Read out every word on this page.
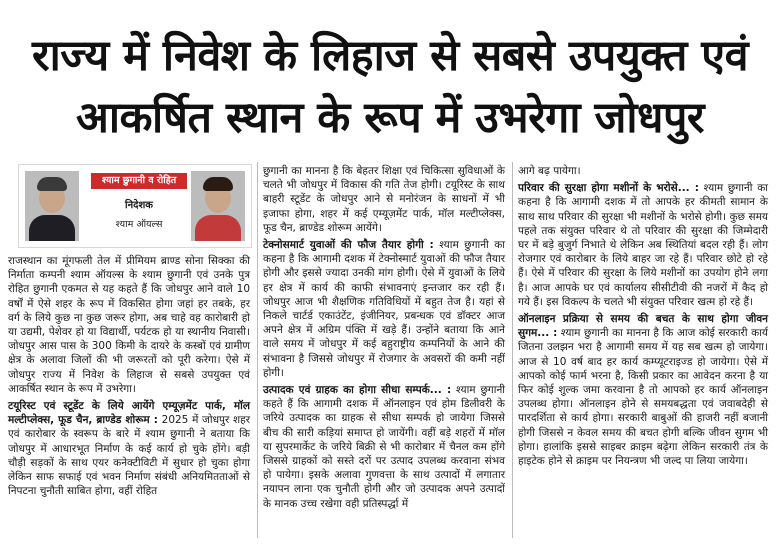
राज्य में निवेश के लिहाज से सबसे उपयुक्त एवं
आकर्षित स्थान के रूप में उभरेगा जोधपुर
श्याम छुगानी व रोहित छुगानी
निदेशक
श्याम ऑयल्स

राजस्थान का मूंगफली तेल में प्रीमियम ब्राण्ड सोना सिक्का की निर्माता कम्पनी श्याम ऑयल्स के श्याम छुगानी एवं उनके पुत्र रोहित छुगानी एकमत से यह कहते हैं कि जोधपुर आने वाले 10 वर्षों में ऐसे शहर के रूप में विकसित होगा जहां हर तबके, हर वर्ग के लिये कुछ ना कुछ जरूर होगा, अब चाहे वह कारोबारी हो या उद्यमी, पेशेवर हो या विद्यार्थी, पर्यटक हो या स्थानीय निवासी। जोधपुर आस पास के 300 किमी के दायरे के कस्बों एवं ग्रामीण क्षेत्र के अलावा जिलों की भी जरूरतों को पूरी करेगा। ऐसे में जोधपुर राज्य में निवेश के लिहाज से सबसे उपयुक्त एवं आकर्षित स्थान के रूप में उभरेगा।

टयूरिस्ट एवं स्टूडेंट के लिये आयेंगे एम्यूज़मेंट पार्क, मॉल मल्टीप्लेक्स, फूड चैन, ब्राण्डेड शोरूम : 2025 में जोधपुर शहर एवं कारोबार के स्वरूप के बारे में श्याम छुगानी ने बताया कि जोधपुर में आधारभूत निर्माण के कई कार्य हो चुके होंगे। बड़ी चौड़ी सड़कों के साथ एयर कनेक्टीविटी में सुधार हो चुका होगा लेकिन साफ सफाई एवं भवन निर्माण संबंधी अनियमितताओं से निपटना चुनौती साबित होगा, वहीं रोहित

छुगानी का मानना है कि बेहतर शिक्षा एवं चिकित्सा सुविधाओं के चलते भी जोधपुर में विकास की गति तेज होगी। टयूरिस्ट के साथ बाहरी स्टूडेंट के जोधपुर आने से मनोरंजन के साधनों में भी इजाफा होगा, शहर में कई एम्यूज़मेंट पार्क, मॉल मल्टीप्लेक्स, फूड चैन, ब्राण्डेड शोरूम आयेंगे।

टेक्नोसमार्ट युवाओं की फौज तैयार होगी : श्याम छुगानी का कहना है कि आगामी दशक में टेक्नोस्मार्ट युवाओं की फौज तैयार होगी और इससे ज्यादा उनकी मांग होगी। ऐसे में युवाओं के लिये हर क्षेत्र में कार्य की काफी संभावनाएं इन्तजार कर रही हैं। जोधपुर आज भी शैक्षणिक गतिविधियों में बहुत तेज है। यहां से निकले चार्टर्ड एकाउंटेंट, इंजीनियर, प्रबन्धक एवं डॉक्टर आज अपने क्षेत्र में अग्रिम पंक्ति में खड़े हैं। उन्होंने बताया कि आने वाले समय में जोधपुर में कई बहुराष्ट्रीय कम्पनियों के आने की संभावना है जिससे जोधपुर में रोजगार के अवसरों की कमी नहीं होगी।

उत्पादक एवं ग्राहक का होगा सीधा सम्पर्क... : श्याम छुगानी कहते हैं कि आगामी दशक में ऑनलाइन एवं होम डिलीवरी के जरिये उत्पादक का ग्राहक से सीधा सम्पर्क हो जायेगा जिससे बीच की सारी कड़ियां समाप्त हो जायेंगी। वहीं बड़े शहरों में मॉल या सुपरमार्केट के जरिये बिक्री से भी कारोबार में चैनल कम होंगे जिससे ग्राहकों को सस्ते दरों पर उत्पाद उपलब्ध करवाना संभव हो पायेगा। इसके अलावा गुणवत्ता के साथ उत्पादों में लगातार नयापन लाना एक चुनौती होगी और जो उत्पादक अपने उत्पादों के मानक उच्च रखेगा वही प्रतिस्पर्द्धा में

आगे बढ़ पायेगा।

परिवार की सुरक्षा होगा मशीनों के भरोसे... : श्याम छुगानी का कहना है कि आगामी दशक में तो आपके हर कीमती सामान के साथ साथ परिवार की सुरक्षा भी मशीनों के भरोसे होगी। कुछ समय पहले तक संयुक्त परिवार थे तो परिवार की सुरक्षा की जिम्मेदारी घर में बड़े बुजुर्ग निभाते थे लेकिन अब स्थितियां बदल रही हैं। लोग रोजगार एवं कारोबार के लिये बाहर जा रहे हैं। परिवार छोटे हो रहे हैं। ऐसे में परिवार की सुरक्षा के लिये मशीनों का उपयोग होने लगा है। आज आपके घर एवं कार्यालय सीसीटीवी की नजरों में कैद हो गये हैं। इस विकल्प के चलते भी संयुक्त परिवार खत्म हो रहे हैं।

ऑनलाइन प्रक्रिया से समय की बचत के साथ होगा जीवन सुगम... : श्याम छुगानी का मानना है कि आज कोई सरकारी कार्य जितना उलझन भरा है आगामी समय में यह सब खत्म हो जायेगा। आज से 10 वर्ष बाद हर कार्य कम्प्यूटराइज्ड हो जायेगा। ऐसे में आपको कोई फार्म भरना है, किसी प्रकार का आवेदन करना है या फिर कोई शुल्क जमा करवाना है तो आपको हर कार्य ऑनलाइन उपलब्ध होगा। ऑनलाइन होने से समयबद्धता एवं जवाबदेही से पारदर्शिता से कार्य होगा। सरकारी बाबुओं की हाजरी नहीं बजानी होगी जिससे न केवल समय की बचत होगी बल्कि जीवन सुगम भी होगा। हालांकि इससे साइबर क्राइम बढ़ेगा लेकिन सरकारी तंत्र के हाइटेक होने से क्राइम पर नियन्त्रण भी जल्द पा लिया जायेगा।
